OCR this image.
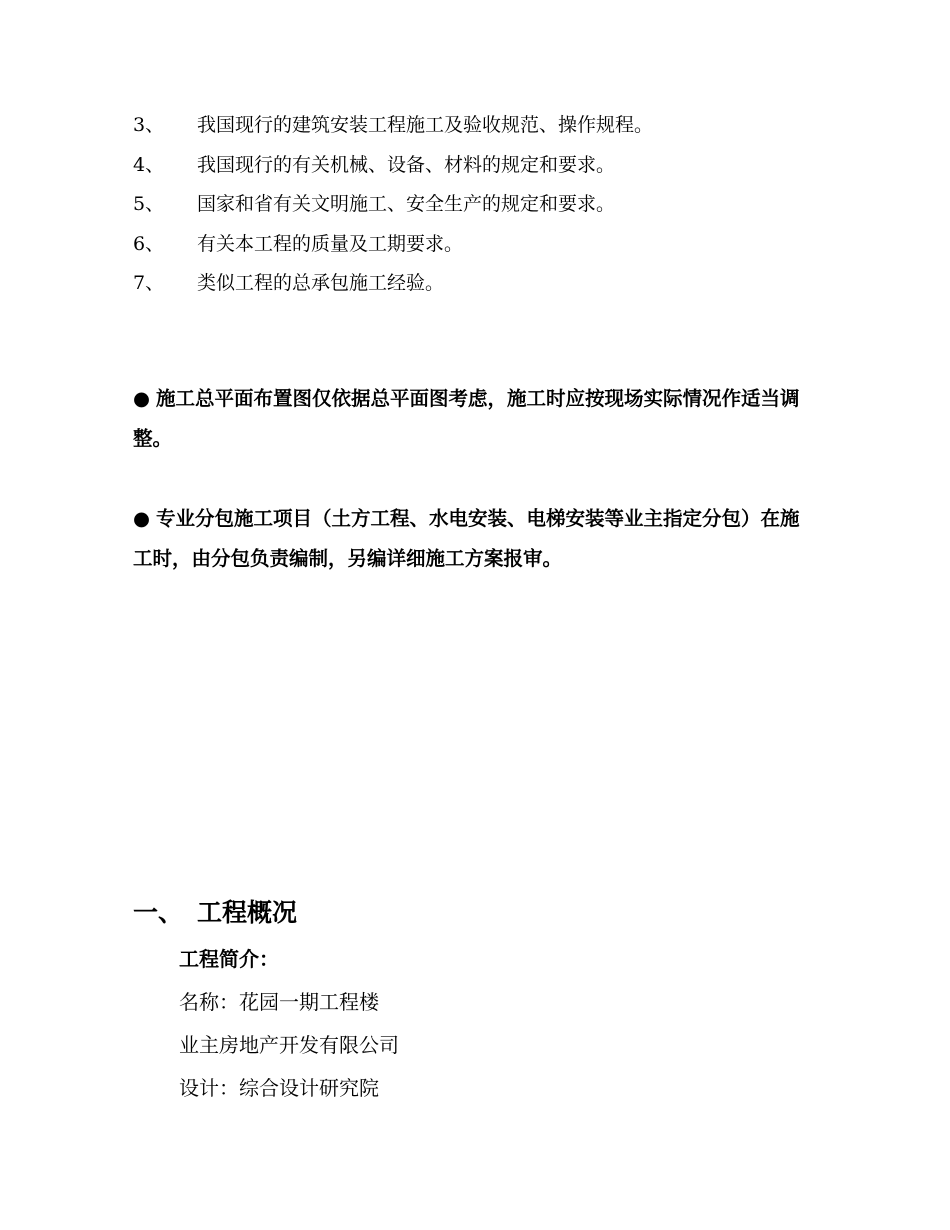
3、 我国现行的建筑安装工程施工及验收规范、操作规程。
4、 我国现行的有关机械、设备、材料的规定和要求。
5、 国家和省有关文明施工、安全生产的规定和要求。
6、 有关本工程的质量及工期要求。
7、 类似工程的总承包施工经验。

● 施工总平面布置图仅依据总平面图考虑，施工时应按现场实际情况作适当调整。

● 专业分包施工项目（土方工程、水电安装、电梯安装等业主指定分包）在施工时，由分包负责编制，另编详细施工方案报审。

一、 工程概况

工程简介：

名称：花园一期工程楼

业主房地产开发有限公司

设计：综合设计研究院
